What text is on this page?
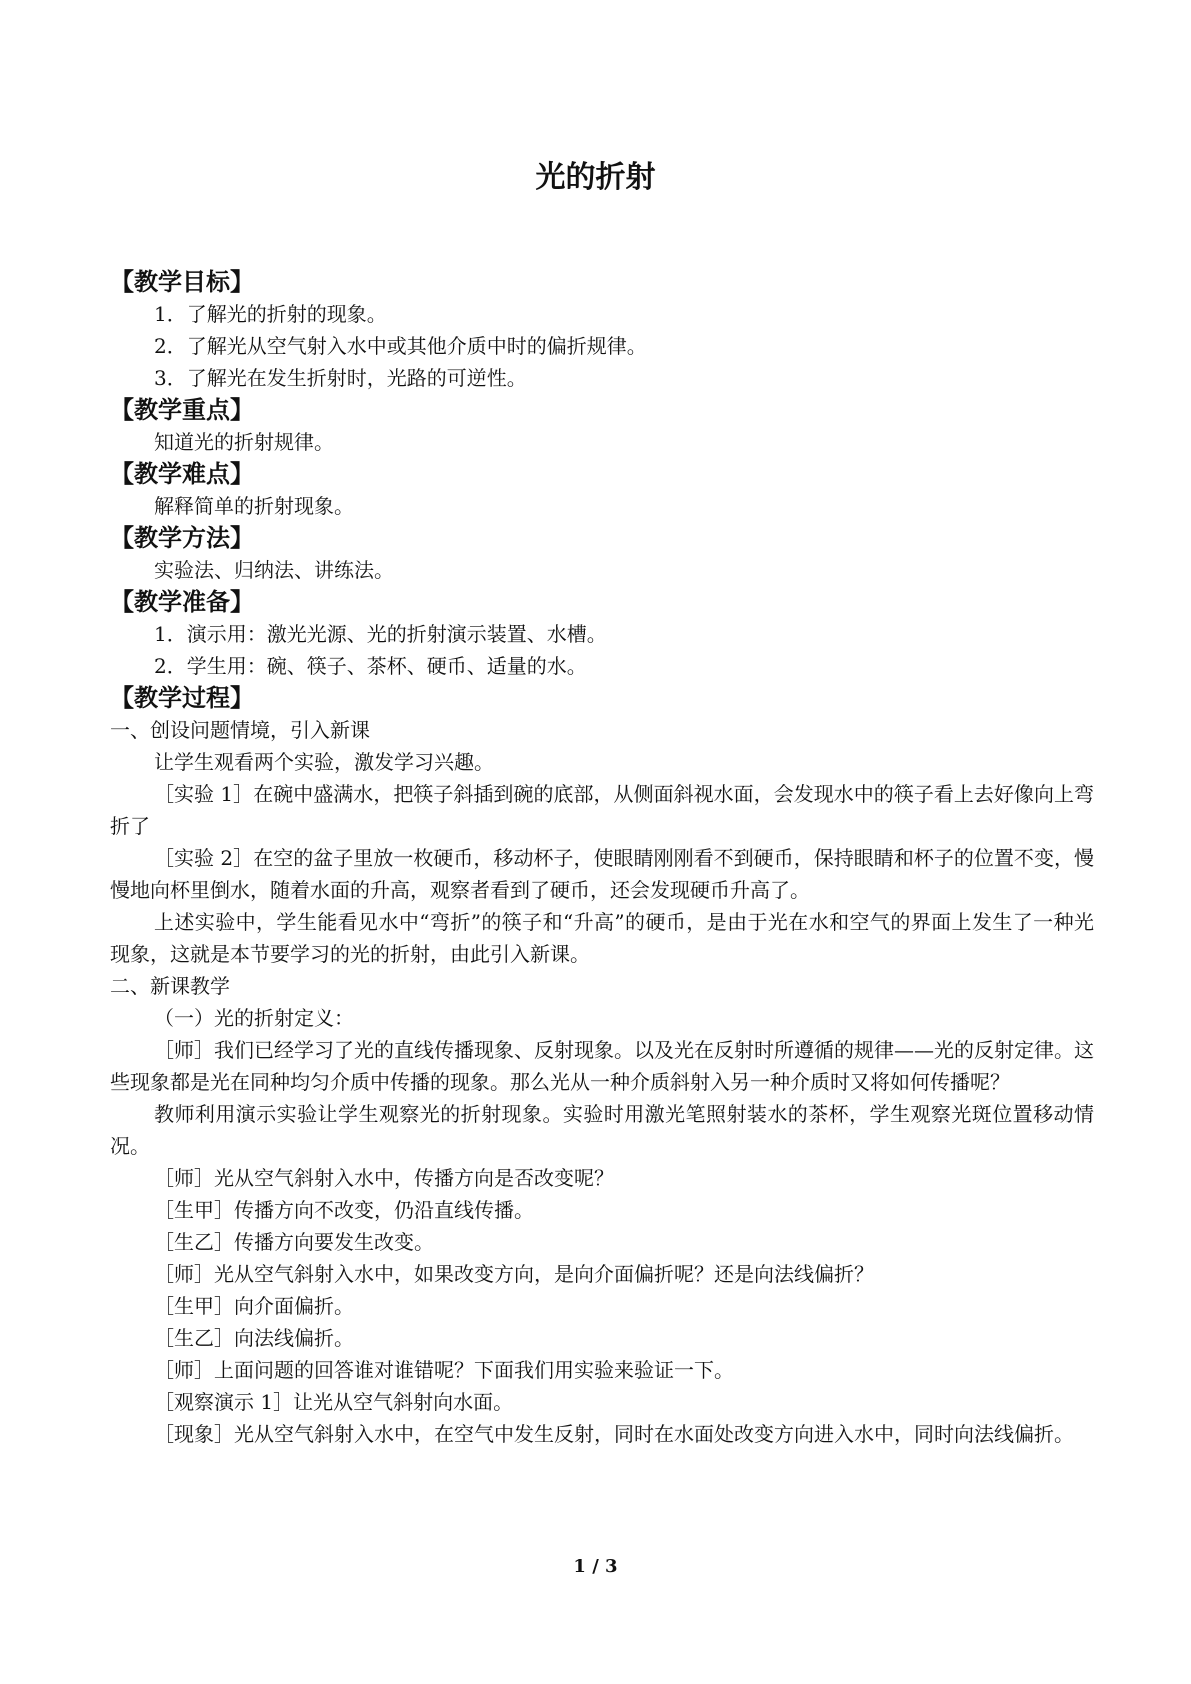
光的折射
【教学目标】
1．了解光的折射的现象。
2．了解光从空气射入水中或其他介质中时的偏折规律。
3．了解光在发生折射时，光路的可逆性。
【教学重点】
知道光的折射规律。
【教学难点】
解释简单的折射现象。
【教学方法】
实验法、归纳法、讲练法。
【教学准备】
1．演示用：激光光源、光的折射演示装置、水槽。
2．学生用：碗、筷子、茶杯、硬币、适量的水。
【教学过程】
一、创设问题情境，引入新课
让学生观看两个实验，激发学习兴趣。
［实验 1］在碗中盛满水，把筷子斜插到碗的底部，从侧面斜视水面，会发现水中的筷子看上去好像向上弯折了
［实验 2］在空的盆子里放一枚硬币，移动杯子，使眼睛刚刚看不到硬币，保持眼睛和杯子的位置不变，慢慢地向杯里倒水，随着水面的升高，观察者看到了硬币，还会发现硬币升高了。
上述实验中，学生能看见水中“弯折”的筷子和“升高”的硬币，是由于光在水和空气的界面上发生了一种光现象，这就是本节要学习的光的折射，由此引入新课。
二、新课教学
（一）光的折射定义：
［师］我们已经学习了光的直线传播现象、反射现象。以及光在反射时所遵循的规律——光的反射定律。这些现象都是光在同种均匀介质中传播的现象。那么光从一种介质斜射入另一种介质时又将如何传播呢？
教师利用演示实验让学生观察光的折射现象。实验时用激光笔照射装水的茶杯，学生观察光斑位置移动情况。
［师］光从空气斜射入水中，传播方向是否改变呢？
［生甲］传播方向不改变，仍沿直线传播。
［生乙］传播方向要发生改变。
［师］光从空气斜射入水中，如果改变方向，是向介面偏折呢？还是向法线偏折？
［生甲］向介面偏折。
［生乙］向法线偏折。
［师］上面问题的回答谁对谁错呢？下面我们用实验来验证一下。
［观察演示 1］让光从空气斜射向水面。
［现象］光从空气斜射入水中，在空气中发生反射，同时在水面处改变方向进入水中，同时向法线偏折。
1 / 3
